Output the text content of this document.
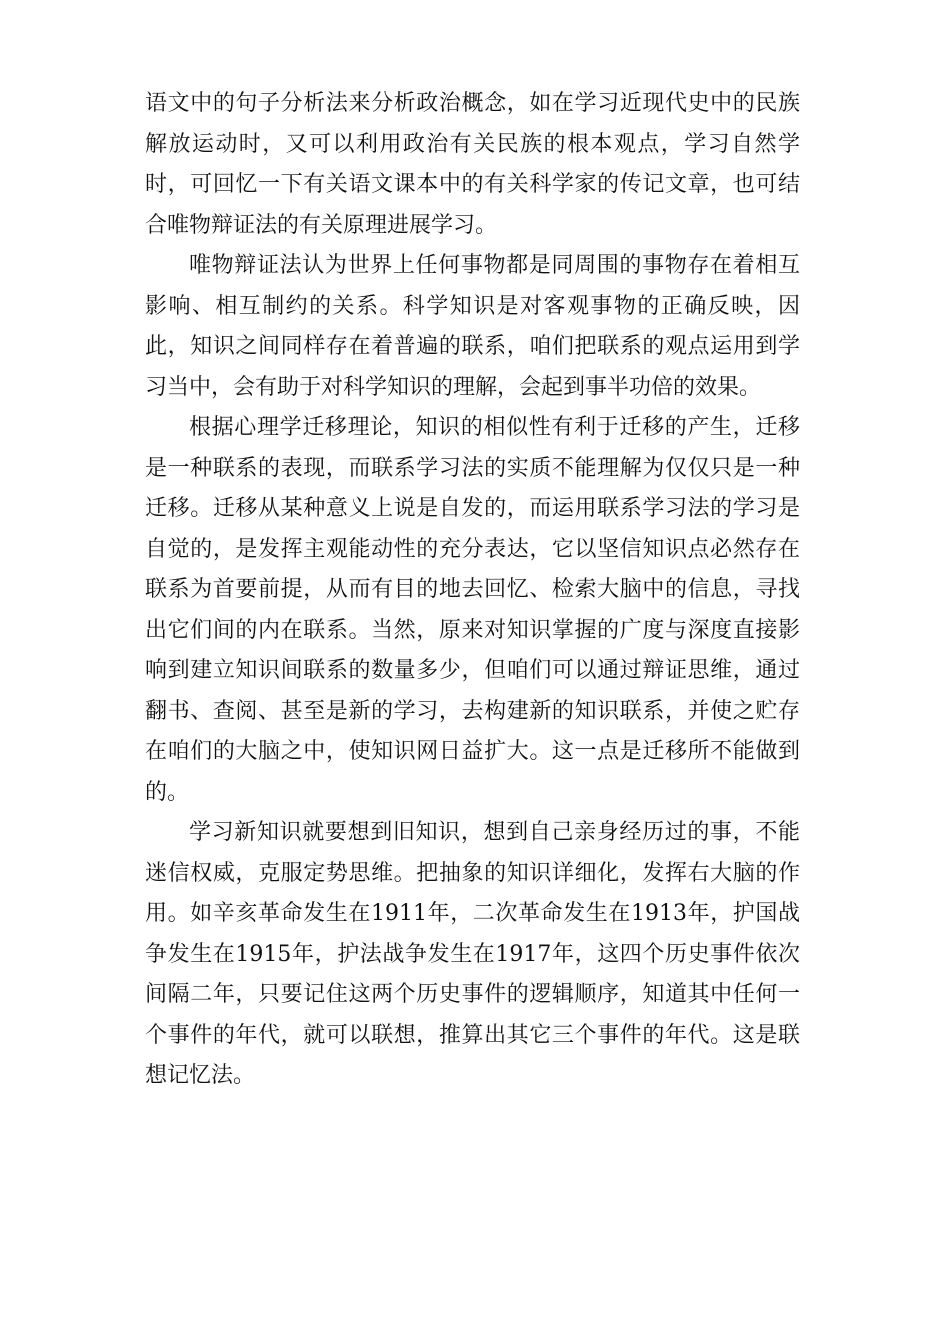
语文中的句子分析法来分析政治概念，如在学习近现代史中的民族解放运动时，又可以利用政治有关民族的根本观点，学习自然学时，可回忆一下有关语文课本中的有关科学家的传记文章，也可结合唯物辩证法的有关原理进展学习。

唯物辩证法认为世界上任何事物都是同周围的事物存在着相互影响、相互制约的关系。科学知识是对客观事物的正确反映，因此，知识之间同样存在着普遍的联系，咱们把联系的观点运用到学习当中，会有助于对科学知识的理解，会起到事半功倍的效果。

根据心理学迁移理论，知识的相似性有利于迁移的产生，迁移是一种联系的表现，而联系学习法的实质不能理解为仅仅只是一种迁移。迁移从某种意义上说是自发的，而运用联系学习法的学习是自觉的，是发挥主观能动性的充分表达，它以坚信知识点必然存在联系为首要前提，从而有目的地去回忆、检索大脑中的信息，寻找出它们间的内在联系。当然，原来对知识掌握的广度与深度直接影响到建立知识间联系的数量多少，但咱们可以通过辩证思维，通过翻书、查阅、甚至是新的学习，去构建新的知识联系，并使之贮存在咱们的大脑之中，使知识网日益扩大。这一点是迁移所不能做到的。

学习新知识就要想到旧知识，想到自己亲身经历过的事，不能迷信权威，克服定势思维。把抽象的知识详细化，发挥右大脑的作用。如辛亥革命发生在1911年，二次革命发生在1913年，护国战争发生在1915年，护法战争发生在1917年，这四个历史事件依次间隔二年，只要记住这两个历史事件的逻辑顺序，知道其中任何一个事件的年代，就可以联想，推算出其它三个事件的年代。这是联想记忆法。
